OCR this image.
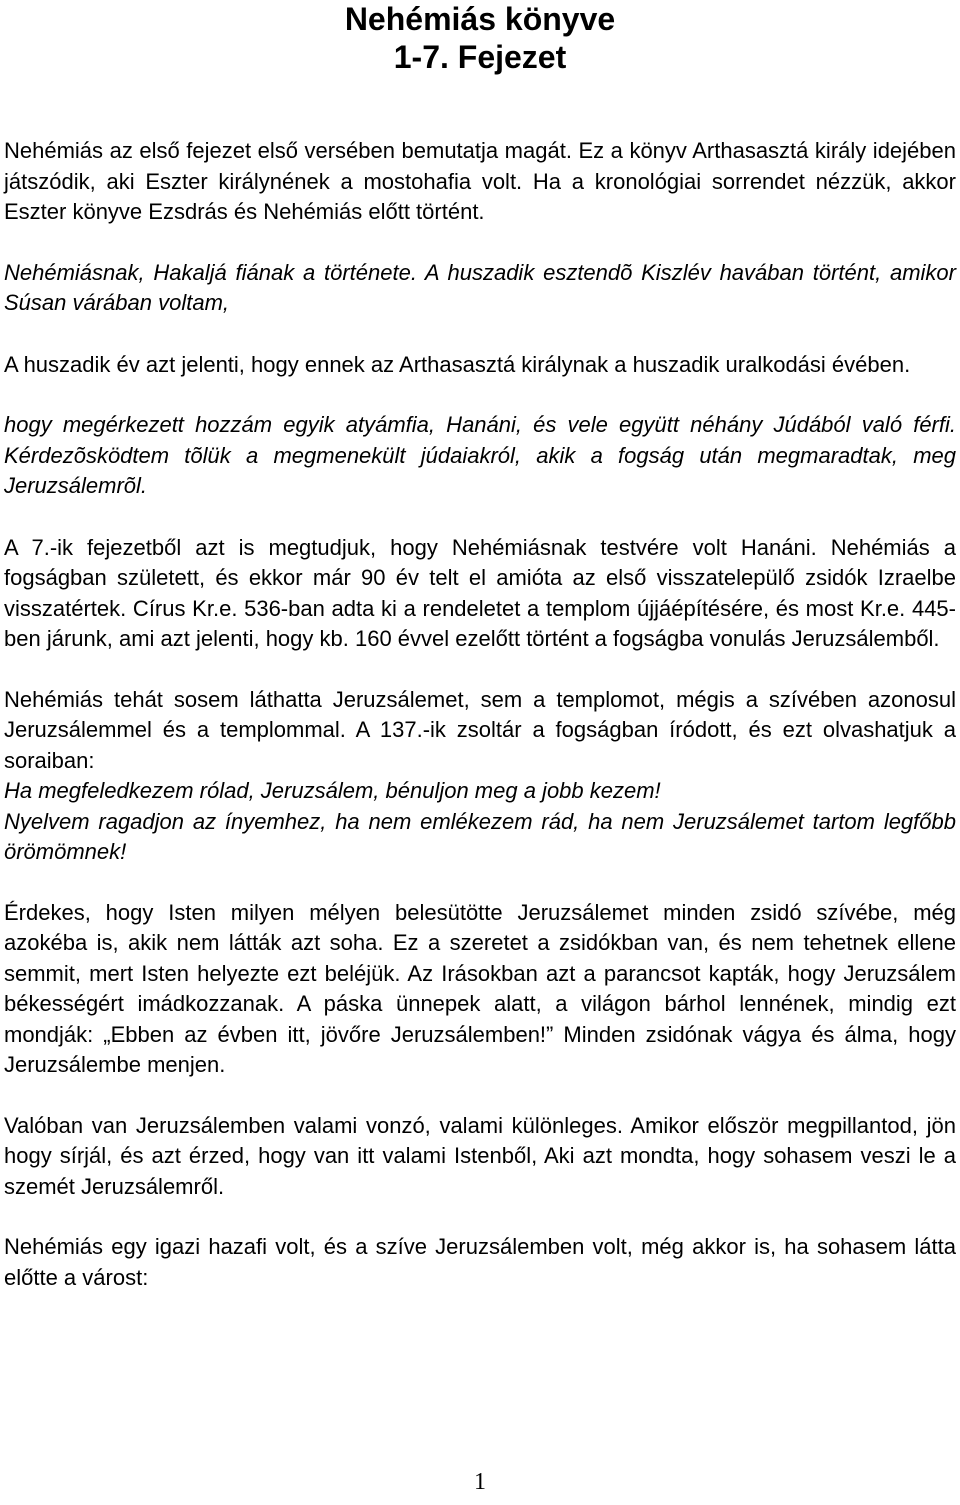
Nehémiás könyve
1-7. Fejezet

Nehémiás az első fejezet első versében bemutatja magát. Ez a könyv Arthasasztá király idejében játszódik, aki Eszter királynének a mostohafia volt. Ha a kronológiai sorrendet nézzük, akkor Eszter könyve Ezsdrás és Nehémiás előtt történt.

Nehémiásnak, Hakaljá fiának a története. A huszadik esztendõ Kiszlév havában történt, amikor Súsan várában voltam,

A huszadik év azt jelenti, hogy ennek az Arthasasztá királynak a huszadik uralkodási évében.

hogy megérkezett hozzám egyik atyámfia, Hanáni, és vele együtt néhány Júdából való férfi. Kérdezõsködtem tõlük a megmenekült júdaiakról, akik a fogság után megmaradtak, meg Jeruzsálemrõl.

A 7.-ik fejezetből azt is megtudjuk, hogy Nehémiásnak testvére volt Hanáni. Nehémiás a fogságban született, és ekkor már 90 év telt el amióta az első visszatelepülő zsidók Izraelbe visszatértek. Círus Kr.e. 536-ban adta ki a rendeletet a templom újjáépítésére, és most Kr.e. 445-ben járunk, ami azt jelenti, hogy kb. 160 évvel ezelőtt történt a fogságba vonulás Jeruzsálemből.

Nehémiás tehát sosem láthatta Jeruzsálemet, sem a templomot, mégis a szívében azonosul Jeruzsálemmel és a templommal. A 137.-ik zsoltár a fogságban íródott, és ezt olvashatjuk a soraiban:
Ha megfeledkezem rólad, Jeruzsálem, bénuljon meg a jobb kezem!
Nyelvem ragadjon az ínyemhez, ha nem emlékezem rád, ha nem Jeruzsálemet tartom legfőbb örömömnek!

Érdekes, hogy Isten milyen mélyen belesütötte Jeruzsálemet minden zsidó szívébe, még azokéba is, akik nem látták azt soha. Ez a szeretet a zsidókban van, és nem tehetnek ellene semmit, mert Isten helyezte ezt beléjük. Az Irásokban azt a parancsot kapták, hogy Jeruzsálem békességért imádkozzanak. A páska ünnepek alatt, a világon bárhol lennének, mindig ezt mondják: „Ebben az évben itt, jövőre Jeruzsálemben!” Minden zsidónak vágya és álma, hogy Jeruzsálembe menjen.

Valóban van Jeruzsálemben valami vonzó, valami különleges. Amikor először megpillantod, jön hogy sírjál, és azt érzed, hogy van itt valami Istenből, Aki azt mondta, hogy sohasem veszi le a szemét Jeruzsálemről.

Nehémiás egy igazi hazafi volt, és a szíve Jeruzsálemben volt, még akkor is, ha sohasem látta előtte a várost:

1
